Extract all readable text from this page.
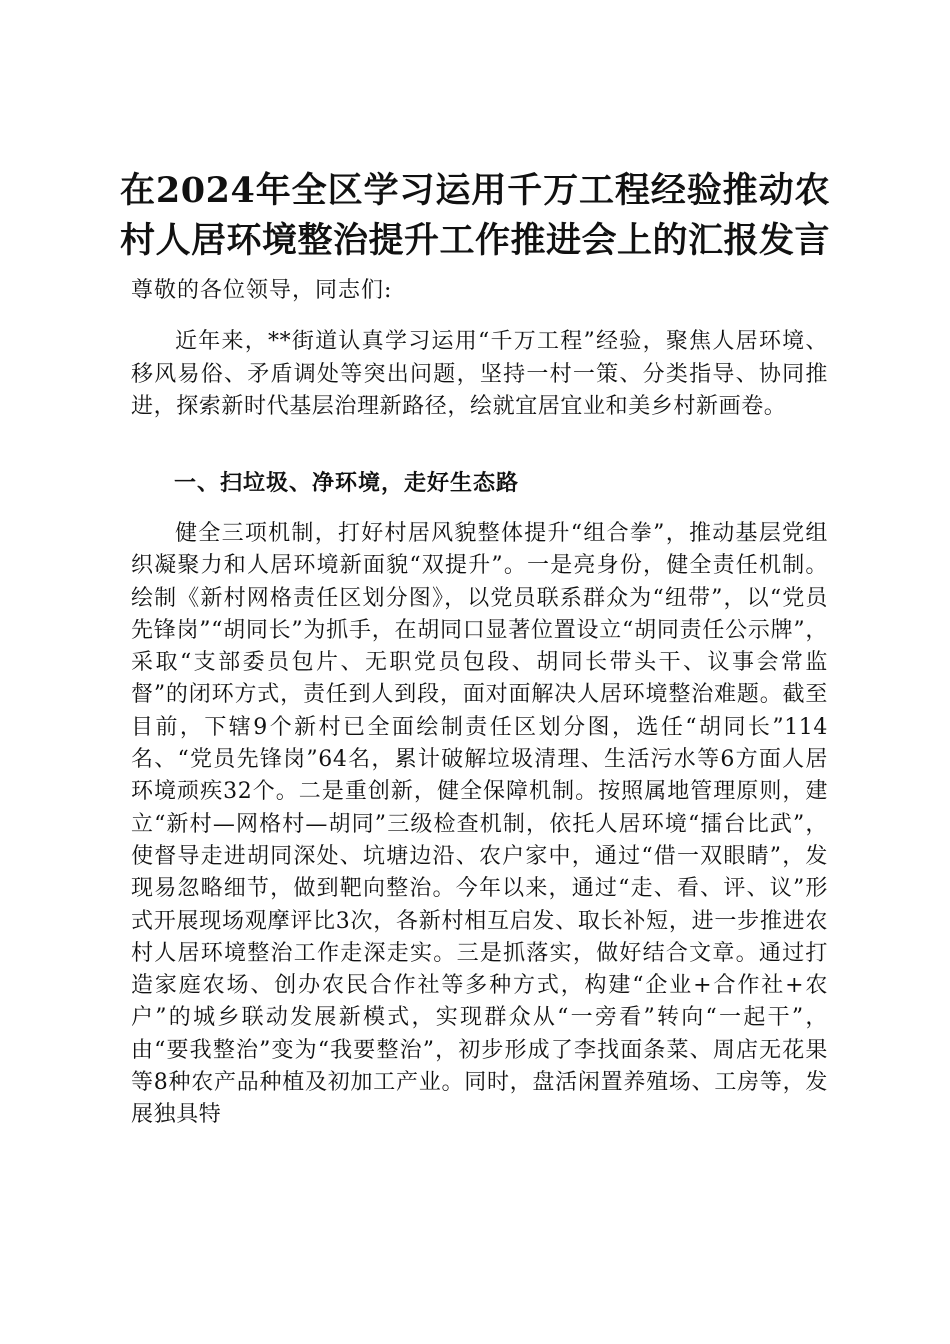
在2024年全区学习运用千万工程经验推动农村人居环境整治提升工作推进会上的汇报发言

尊敬的各位领导，同志们:

近年来，**街道认真学习运用“千万工程”经验，聚焦人居环境、移风易俗、矛盾调处等突出问题，坚持一村一策、分类指导、协同推进，探索新时代基层治理新路径，绘就宜居宜业和美乡村新画卷。

一、扫垃圾、净环境，走好生态路

健全三项机制，打好村居风貌整体提升“组合拳”，推动基层党组织凝聚力和人居环境新面貌“双提升”。一是亮身份，健全责任机制。绘制《新村网格责任区划分图》，以党员联系群众为“纽带”，以“党员先锋岗”“胡同长”为抓手，在胡同口显著位置设立“胡同责任公示牌”，采取“支部委员包片、无职党员包段、胡同长带头干、议事会常监督”的闭环方式，责任到人到段，面对面解决人居环境整治难题。截至目前，下辖9个新村已全面绘制责任区划分图，选任“胡同长”114名、“党员先锋岗”64名，累计破解垃圾清理、生活污水等6方面人居环境顽疾32个。二是重创新，健全保障机制。按照属地管理原则，建立“新村—网格村—胡同”三级检查机制，依托人居环境“擂台比武”，使督导走进胡同深处、坑塘边沿、农户家中，通过“借一双眼睛”，发现易忽略细节，做到靶向整治。今年以来，通过“走、看、评、议”形式开展现场观摩评比3次，各新村相互启发、取长补短，进一步推进农村人居环境整治工作走深走实。三是抓落实，做好结合文章。通过打造家庭农场、创办农民合作社等多种方式，构建“企业+合作社+农户”的城乡联动发展新模式，实现群众从“一旁看”转向“一起干”，由“要我整治”变为“我要整治”，初步形成了李找面条菜、周店无花果等8种农产品种植及初加工产业。同时，盘活闲置养殖场、工房等，发展独具特
